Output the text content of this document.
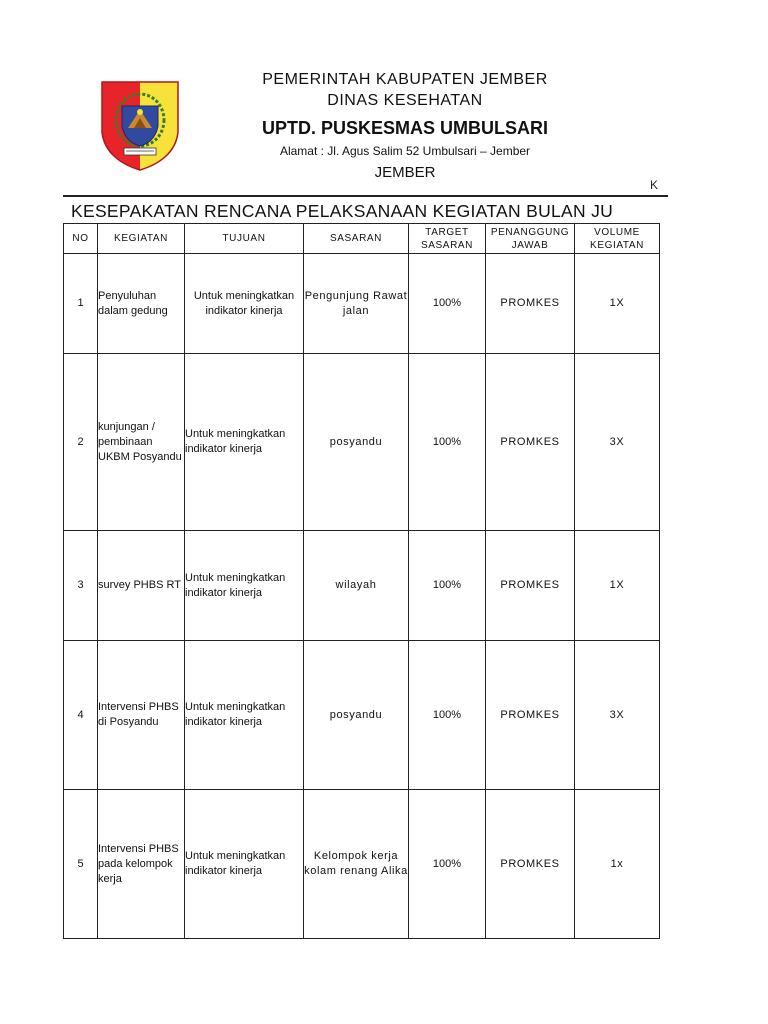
PEMERINTAH KABUPATEN JEMBER
DINAS KESEHATAN
UPTD. PUSKESMAS UMBULSARI
Alamat : Jl. Agus Salim 52 Umbulsari – Jember
JEMBER
K
KESEPAKATAN RENCANA PELAKSANAAN KEGIATAN BULAN JU
NO	KEGIATAN	TUJUAN	SASARAN	TARGET SASARAN	PENANGGUNG JAWAB	VOLUME KEGIATAN
1	Penyuluhan dalam gedung	Untuk meningkatkan indikator kinerja	Pengunjung Rawat jalan	100%	PROMKES	1X
2	kunjungan / pembinaan UKBM Posyandu	Untuk meningkatkan indikator kinerja	posyandu	100%	PROMKES	3X
3	survey PHBS RT	Untuk meningkatkan indikator kinerja	wilayah	100%	PROMKES	1X
4	Intervensi PHBS di Posyandu	Untuk meningkatkan indikator kinerja	posyandu	100%	PROMKES	3X
5	Intervensi PHBS pada kelompok kerja	Untuk meningkatkan indikator kinerja	Kelompok kerja kolam renang Alika	100%	PROMKES	1x
